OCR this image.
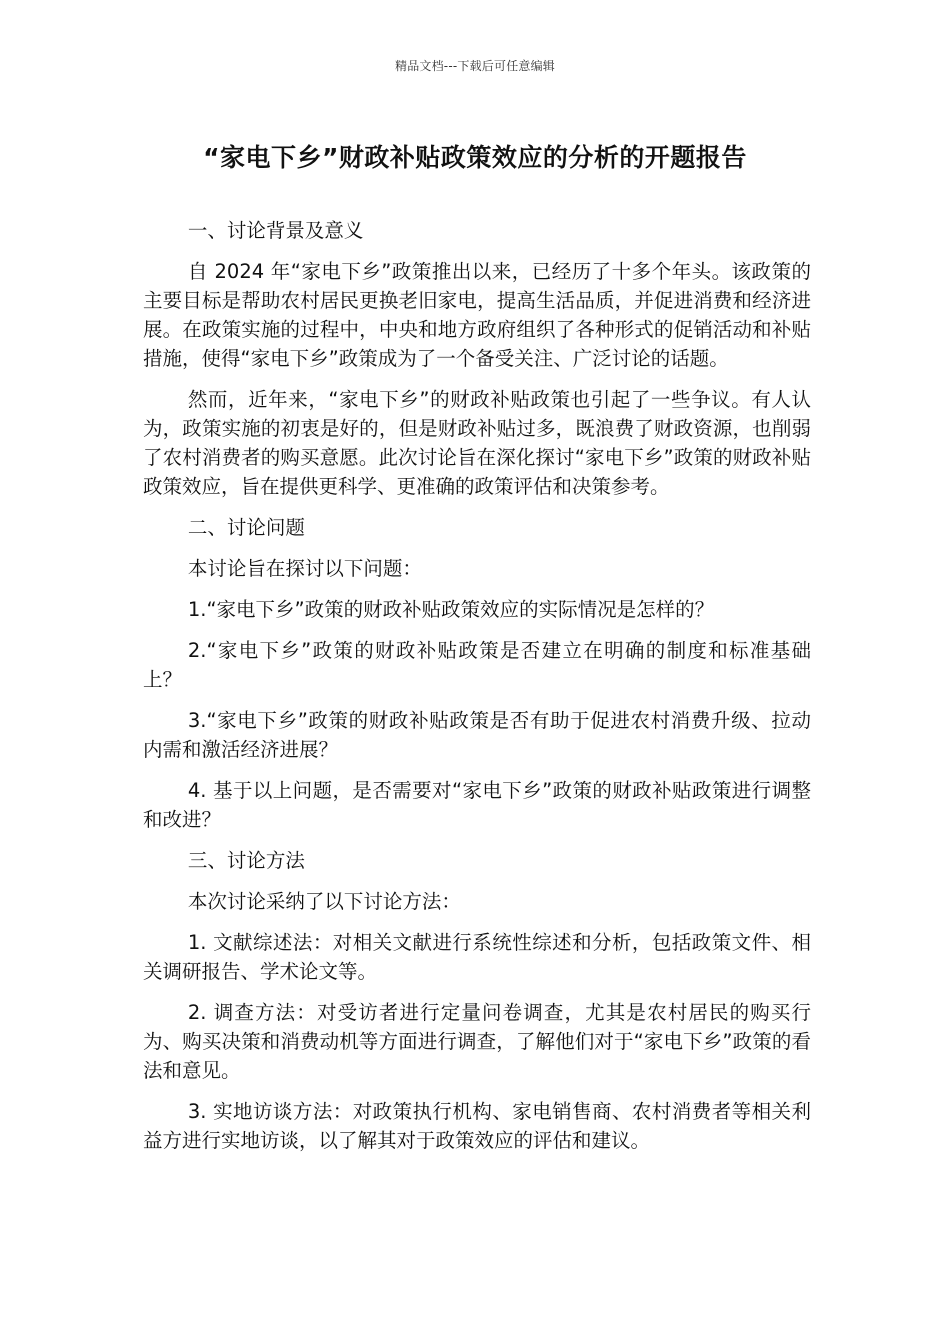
精品文档---下载后可任意编辑
“家电下乡”财政补贴政策效应的分析的开题报告

一、讨论背景及意义

自 2024 年“家电下乡”政策推出以来，已经历了十多个年头。该政策的主要目标是帮助农村居民更换老旧家电，提高生活品质，并促进消费和经济进展。在政策实施的过程中，中央和地方政府组织了各种形式的促销活动和补贴措施，使得“家电下乡”政策成为了一个备受关注、广泛讨论的话题。

然而，近年来，“家电下乡”的财政补贴政策也引起了一些争议。有人认为，政策实施的初衷是好的，但是财政补贴过多，既浪费了财政资源，也削弱了农村消费者的购买意愿。此次讨论旨在深化探讨“家电下乡”政策的财政补贴政策效应，旨在提供更科学、更准确的政策评估和决策参考。

二、讨论问题

本讨论旨在探讨以下问题：

1.“家电下乡”政策的财政补贴政策效应的实际情况是怎样的？

2.“家电下乡”政策的财政补贴政策是否建立在明确的制度和标准基础上？

3.“家电下乡”政策的财政补贴政策是否有助于促进农村消费升级、拉动内需和激活经济进展？

4. 基于以上问题，是否需要对“家电下乡”政策的财政补贴政策进行调整和改进？

三、讨论方法

本次讨论采纳了以下讨论方法：

1. 文献综述法：对相关文献进行系统性综述和分析，包括政策文件、相关调研报告、学术论文等。

2. 调查方法：对受访者进行定量问卷调查，尤其是农村居民的购买行为、购买决策和消费动机等方面进行调查，了解他们对于“家电下乡”政策的看法和意见。

3. 实地访谈方法：对政策执行机构、家电销售商、农村消费者等相关利益方进行实地访谈，以了解其对于政策效应的评估和建议。
